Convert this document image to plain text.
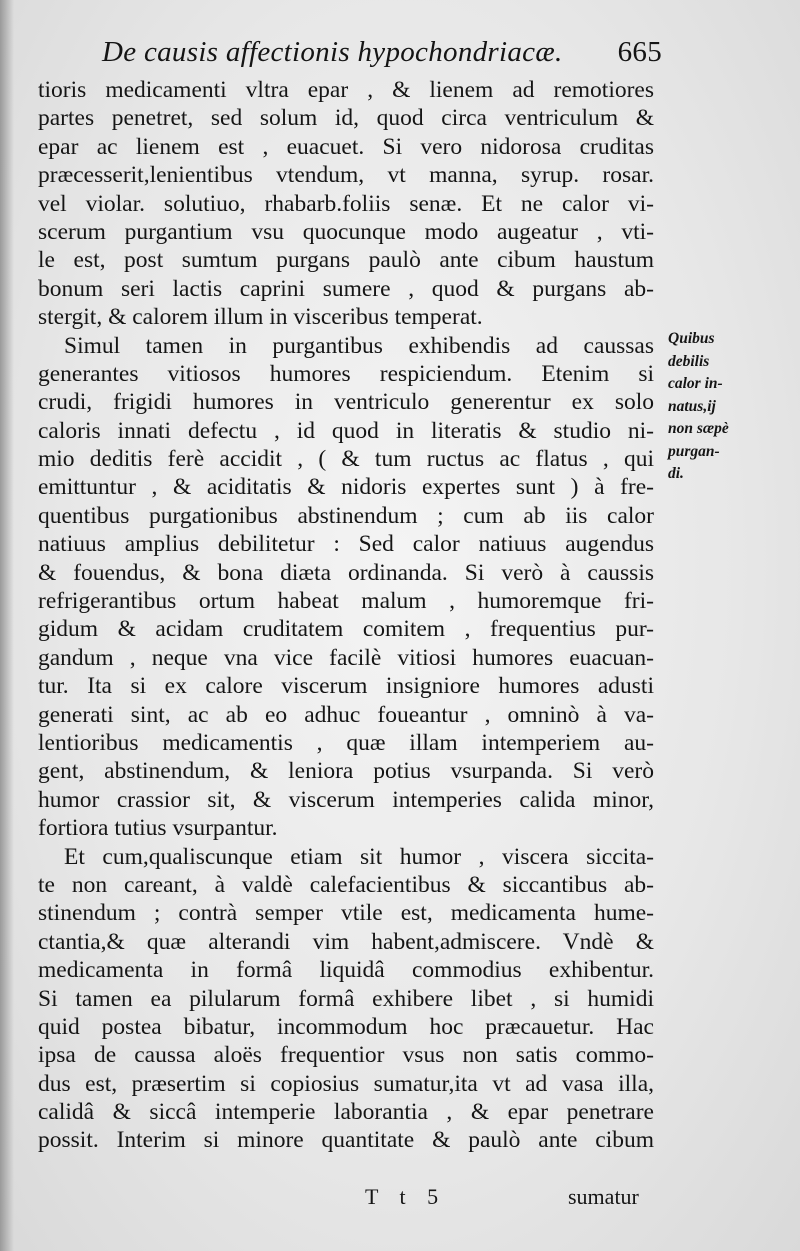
De causis affectionis hypochondriacæ. 665
tioris medicamenti vltra epar , & lienem ad remotiores
partes penetret, sed solum id, quod circa ventriculum &
epar ac lienem est , euacuet. Si vero nidorosa cruditas
præcesserit,lenientibus vtendum, vt manna, syrup. rosar.
vel violar. solutiuo, rhabarb.foliis senæ. Et ne calor vi-
scerum purgantium vsu quocunque modo augeatur , vti-
le est, post sumtum purgans paulò ante cibum haustum
bonum seri lactis caprini sumere , quod & purgans ab-
stergit, & calorem illum in visceribus temperat.
Simul tamen in purgantibus exhibendis ad caussas
generantes vitiosos humores respiciendum. Etenim si
crudi, frigidi humores in ventriculo generentur ex solo
caloris innati defectu , id quod in literatis & studio ni-
mio deditis ferè accidit , ( & tum ructus ac flatus , qui
emittuntur , & aciditatis & nidoris expertes sunt ) à fre-
quentibus purgationibus abstinendum ; cum ab iis calor
natiuus amplius debilitetur : Sed calor natiuus augendus
& fouendus, & bona diæta ordinanda. Si verò à caussis
refrigerantibus ortum habeat malum , humoremque fri-
gidum & acidam cruditatem comitem , frequentius pur-
gandum , neque vna vice facilè vitiosi humores euacuan-
tur. Ita si ex calore viscerum insigniore humores adusti
generati sint, ac ab eo adhuc foueantur , omninò à va-
lentioribus medicamentis , quæ illam intemperiem au-
gent, abstinendum, & leniora potius vsurpanda. Si verò
humor crassior sit, & viscerum intemperies calida minor,
fortiora tutius vsurpantur.
Et cum,qualiscunque etiam sit humor , viscera siccita-
te non careant, à valdè calefacientibus & siccantibus ab-
stinendum ; contrà semper vtile est, medicamenta hume-
ctantia,& quæ alterandi vim habent,admiscere. Vndè &
medicamenta in formâ liquidâ commodius exhibentur.
Si tamen ea pilularum formâ exhibere libet , si humidi
quid postea bibatur, incommodum hoc præcauetur. Hac
ipsa de caussa aloës frequentior vsus non satis commo-
dus est, præsertim si copiosius sumatur,ita vt ad vasa illa,
calidâ & siccâ intemperie laborantia , & epar penetrare
possit. Interim si minore quantitate & paulò ante cibum
Quibus
debilis
calor in-
natus,ij
non sæpè
purgan-
di.
T t 5	sumatur
